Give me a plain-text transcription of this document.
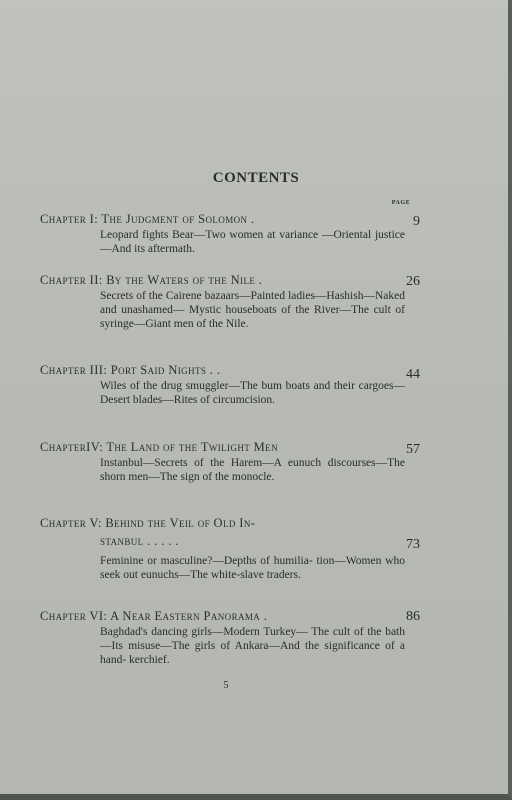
CONTENTS
PAGE
Chapter I: The Judgment of Solomon .	9
Leopard fights Bear—Two women at variance —Oriental justice—And its aftermath.
Chapter II: By the Waters of the Nile .	26
Secrets of the Cairene bazaars—Painted ladies—Hashish—Naked and unashamed— Mystic houseboats of the River—The cult of syringe—Giant men of the Nile.
Chapter III: Port Said Nights . .	44
Wiles of the drug smuggler—The bum boats and their cargoes—Desert blades—Rites of circumcision.
ChapterIV: The Land of the Twilight Men	57
Instanbul—Secrets of the Harem—A eunuch discourses—The shorn men—The sign of the monocle.
Chapter V: Behind the Veil of Old In-
stanbul . . . . .	73
Feminine or masculine?—Depths of humilia- tion—Women who seek out eunuchs—The white-slave traders.
Chapter VI: A Near Eastern Panorama .	86
Baghdad's dancing girls—Modern Turkey— The cult of the bath—Its misuse—The girls of Ankara—And the significance of a hand- kerchief.
5
